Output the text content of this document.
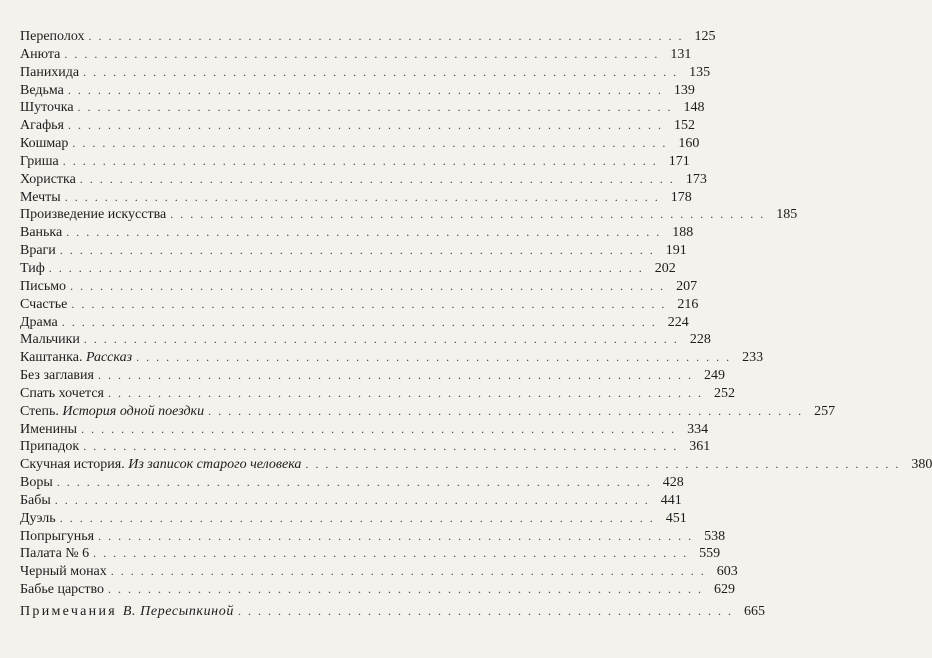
Переполох . . . . . . . . . . . . . . . . . . . . . . . . . . . . . . . . . . . . . . . . . . . . . . . . . . . . . . . . . . . . 125
Анюта . . . . . . . . . . . . . . . . . . . . . . . . . . . . . . . . . . . . . . . . . . . . . . . . . . . . . . . . . . . . 131
Панихида . . . . . . . . . . . . . . . . . . . . . . . . . . . . . . . . . . . . . . . . . . . . . . . . . . . . . . . . . . . . 135
Ведьма . . . . . . . . . . . . . . . . . . . . . . . . . . . . . . . . . . . . . . . . . . . . . . . . . . . . . . . . . . . . 139
Шуточка . . . . . . . . . . . . . . . . . . . . . . . . . . . . . . . . . . . . . . . . . . . . . . . . . . . . . . . . . . . . 148
Агафья . . . . . . . . . . . . . . . . . . . . . . . . . . . . . . . . . . . . . . . . . . . . . . . . . . . . . . . . . . . . 152
Кошмар . . . . . . . . . . . . . . . . . . . . . . . . . . . . . . . . . . . . . . . . . . . . . . . . . . . . . . . . . . . . 160
Гриша . . . . . . . . . . . . . . . . . . . . . . . . . . . . . . . . . . . . . . . . . . . . . . . . . . . . . . . . . . . . 171
Хористка . . . . . . . . . . . . . . . . . . . . . . . . . . . . . . . . . . . . . . . . . . . . . . . . . . . . . . . . . . . . 173
Мечты . . . . . . . . . . . . . . . . . . . . . . . . . . . . . . . . . . . . . . . . . . . . . . . . . . . . . . . . . . . . 178
Произведение искусства . . . . . . . . . . . . . . . . . . . . . . . . . . . . . . . . . . . . . . . . . . . . . . . . . . . . . . . . . . . . 185
Ванька . . . . . . . . . . . . . . . . . . . . . . . . . . . . . . . . . . . . . . . . . . . . . . . . . . . . . . . . . . . . 188
Враги . . . . . . . . . . . . . . . . . . . . . . . . . . . . . . . . . . . . . . . . . . . . . . . . . . . . . . . . . . . . 191
Тиф . . . . . . . . . . . . . . . . . . . . . . . . . . . . . . . . . . . . . . . . . . . . . . . . . . . . . . . . . . . . 202
Письмо . . . . . . . . . . . . . . . . . . . . . . . . . . . . . . . . . . . . . . . . . . . . . . . . . . . . . . . . . . . . 207
Счастье . . . . . . . . . . . . . . . . . . . . . . . . . . . . . . . . . . . . . . . . . . . . . . . . . . . . . . . . . . . . 216
Драма . . . . . . . . . . . . . . . . . . . . . . . . . . . . . . . . . . . . . . . . . . . . . . . . . . . . . . . . . . . . 224
Мальчики . . . . . . . . . . . . . . . . . . . . . . . . . . . . . . . . . . . . . . . . . . . . . . . . . . . . . . . . . . . . 228
Каштанка. Рассказ . . . . . . . . . . . . . . . . . . . . . . . . . . . . . . . . . . . . . . . . . . . . . . . . . . . . . . . . . . . . 233
Без заглавия . . . . . . . . . . . . . . . . . . . . . . . . . . . . . . . . . . . . . . . . . . . . . . . . . . . . . . . . . . . . 249
Спать хочется . . . . . . . . . . . . . . . . . . . . . . . . . . . . . . . . . . . . . . . . . . . . . . . . . . . . . . . . . . . . 252
Степь. История одной поездки . . . . . . . . . . . . . . . . . . . . . . . . . . . . . . . . . . . . . . . . . . . . . . . . . . . . . . . . . . . . 257
Именины . . . . . . . . . . . . . . . . . . . . . . . . . . . . . . . . . . . . . . . . . . . . . . . . . . . . . . . . . . . . 334
Припадок . . . . . . . . . . . . . . . . . . . . . . . . . . . . . . . . . . . . . . . . . . . . . . . . . . . . . . . . . . . . 361
Скучная история. Из записок старого человека . . . . . . . . . . . . . . . . . . . . . . . . . . . . . . . . . . . . . . . . . . . . . . . . . . . . . . . . . . . . 380
Воры . . . . . . . . . . . . . . . . . . . . . . . . . . . . . . . . . . . . . . . . . . . . . . . . . . . . . . . . . . . . 428
Бабы . . . . . . . . . . . . . . . . . . . . . . . . . . . . . . . . . . . . . . . . . . . . . . . . . . . . . . . . . . . . 441
Дуэль . . . . . . . . . . . . . . . . . . . . . . . . . . . . . . . . . . . . . . . . . . . . . . . . . . . . . . . . . . . . 451
Попрыгунья . . . . . . . . . . . . . . . . . . . . . . . . . . . . . . . . . . . . . . . . . . . . . . . . . . . . . . . . . . . . 538
Палата № 6 . . . . . . . . . . . . . . . . . . . . . . . . . . . . . . . . . . . . . . . . . . . . . . . . . . . . . . . . . . . . 559
Черный монах . . . . . . . . . . . . . . . . . . . . . . . . . . . . . . . . . . . . . . . . . . . . . . . . . . . . . . . . . . . . 603
Бабье царство . . . . . . . . . . . . . . . . . . . . . . . . . . . . . . . . . . . . . . . . . . . . . . . . . . . . . . . . . . . . 629
Примечания В. Пересыпкиной . . . . . . . . . . . . . . . . . . . . . . . . . . . . . . . . . . . . . . . . . . . . . . . . . . 665
